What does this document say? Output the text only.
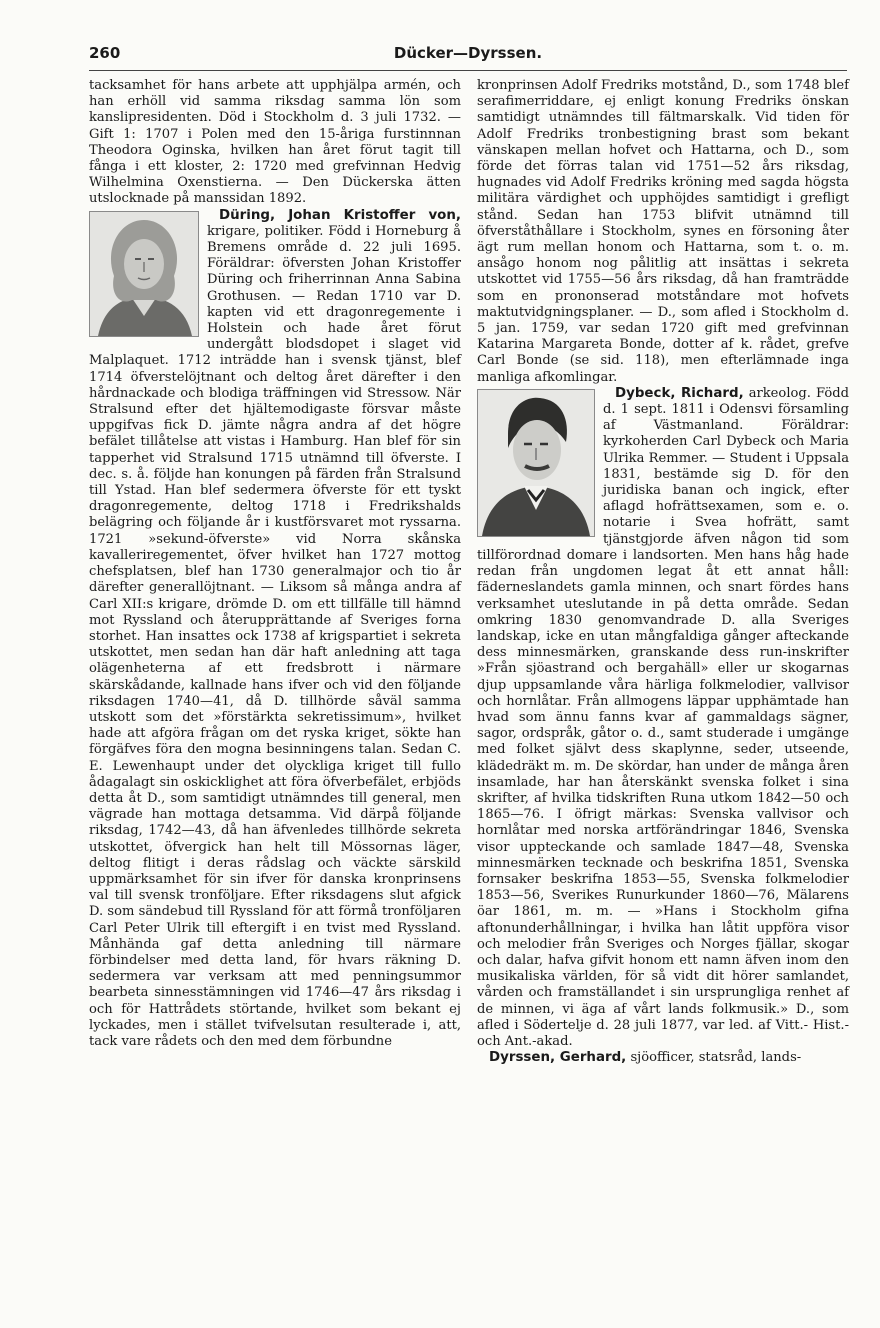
260	Dücker—Dyrssen.

tacksamhet för hans arbete att upphjälpa armén, och han erhöll vid samma riksdag samma lön som kanslipresidenten. Död i Stockholm d. 3 juli 1732. — Gift 1: 1707 i Polen med den 15-åriga furstinnnan Theodora Oginska, hvilken han året förut tagit till fånga i ett kloster, 2: 1720 med grefvinnan Hedvig Wilhelmina Oxenstierna. — Den Dückerska ätten utslocknade på manssidan 1892.

Düring, Johan Kristoffer von,
krigare, politiker. Född i Horneburg å Bremens område d. 22 juli 1695. Föräldrar: öfversten Johan Kristoffer Düring och friherrinnan Anna Sabina Grothusen. — Redan 1710 var D. kapten vid ett dragonregemente i Holstein och hade året förut undergått blodsdopet i slaget vid Malplaquet. 1712 inträdde han i svensk tjänst, blef 1714 öfverstelöjtnant och deltog året därefter i den hårdnackade och blodiga träffningen vid Stressow. När Stralsund efter det hjältemodigaste försvar måste uppgifvas fick D. jämte några andra af det högre befälet tillåtelse att vistas i Hamburg. Han blef för sin tapperhet vid Stralsund 1715 utnämnd till öfverste. I dec. s. å. följde han konungen på färden från Stralsund till Ystad. Han blef sedermera öfverste för ett tyskt dragonregemente, deltog 1718 i Fredrikshalds belägring och följande år i kustförsvaret mot ryssarna. 1721 »sekund-öfverste» vid Norra skånska kavalleriregementet, öfver hvilket han 1727 mottog chefsplatsen, blef han 1730 generalmajor och tio år därefter generallöjtnant. — Liksom så många andra af Carl XII:s krigare, drömde D. om ett tillfälle till hämnd mot Ryssland och återupprättande af Sveriges forna storhet. Han insattes ock 1738 af krigspartiet i sekreta utskottet, men sedan han där haft anledning att taga olägenheterna af ett fredsbrott i närmare skärskådande, kallnade hans ifver och vid den följande riksdagen 1740—41, då D. tillhörde såväl samma utskott som det »förstärkta sekretissimum», hvilket hade att afgöra frågan om det ryska kriget, sökte han förgäfves föra den mogna besinningens talan. Sedan C. E. Lewenhaupt under det olyckliga kriget till fullo ådagalagt sin oskicklighet att föra öfverbefälet, erbjöds detta åt D., som samtidigt utnämndes till general, men vägrade han mottaga detsamma. Vid därpå följande riksdag, 1742—43, då han äfvenledes tillhörde sekreta utskottet, öfvergick han helt till Mössornas läger, deltog flitigt i deras rådslag och väckte särskild uppmärksamhet för sin ifver för danska kronprinsens val till svensk tronföljare. Efter riksdagens slut afgick D. som sändebud till Ryssland för att förmå tronföljaren Carl Peter Ulrik till eftergift i en tvist med Ryssland. Månhända gaf detta anledning till närmare förbindelser med detta land, för hvars räkning D. sedermera var verksam att med penningsummor bearbeta sinnesstämningen vid 1746—47 års riksdag i och för Hattrådets störtande, hvilket som bekant ej lyckades, men i stället tvifvelsutan resulterade i, att, tack vare rådets och den med dem förbundne

kronprinsen Adolf Fredriks motstånd, D., som 1748 blef serafimerriddare, ej enligt konung Fredriks önskan samtidigt utnämndes till fältmarskalk. Vid tiden för Adolf Fredriks tronbestigning brast som bekant vänskapen mellan hofvet och Hattarna, och D., som förde det förras talan vid 1751—52 års riksdag, hugnades vid Adolf Fredriks kröning med sagda högsta militära värdighet och upphöjdes samtidigt i grefligt stånd. Sedan han 1753 blifvit utnämnd till öfverståthållare i Stockholm, synes en försoning åter ägt rum mellan honom och Hattarna, som t. o. m. ansågo honom nog pålitlig att insättas i sekreta utskottet vid 1755—56 års riksdag, då han framträdde som en prononserad motståndare mot hofvets maktutvidgningsplaner. — D., som afled i Stockholm d. 5 jan. 1759, var sedan 1720 gift med grefvinnan Katarina Margareta Bonde, dotter af k. rådet, grefve Carl Bonde (se sid. 118), men efterlämnade inga manliga afkomlingar.

Dybeck, Richard, arkeolog. Född d. 1 sept. 1811 i Odensvi församling af Västmanland. Föräldrar: kyrkoherden Carl Dybeck och Maria Ulrika Remmer. — Student i Uppsala 1831, bestämde sig D. för den juridiska banan och ingick, efter aflagd hofrättsexamen, som e. o. notarie i Svea hofrätt, samt tjänstgjorde äfven någon tid som tillförordnad domare i landsorten. Men hans håg hade redan från ungdomen legat åt ett annat håll: fäderneslandets gamla minnen, och snart fördes hans verksamhet uteslutande in på detta område. Sedan omkring 1830 genomvandrade D. alla Sveriges landskap, icke en utan mångfaldiga gånger afteckande dess minnesmärken, granskande dess run-inskrifter »Från sjöastrand och bergahäll» eller ur skogarnas djup uppsamlande våra härliga folkmelodier, vallvisor och hornlåtar. Från allmogens läppar upphämtade han hvad som ännu fanns kvar af gammaldags sägner, sagor, ordspråk, gåtor o. d., samt studerade i umgänge med folket självt dess skaplynne, seder, utseende, klädedräkt m. m. De skördar, han under de många åren insamlade, har han återskänkt svenska folket i sina skrifter, af hvilka tidskriften Runa utkom 1842—50 och 1865—76. I öfrigt märkas: Svenska vallvisor och hornlåtar med norska artförändringar 1846, Svenska visor uppteckande och samlade 1847—48, Svenska minnesmärken tecknade och beskrifna 1851, Svenska fornsaker beskrifna 1853—55, Svenska folkmelodier 1853—56, Sverikes Runurkunder 1860—76, Mälarens öar 1861, m. m. — »Hans i Stockholm gifna aftonunderhållningar, i hvilka han låtit uppföra visor och melodier från Sveriges och Norges fjällar, skogar och dalar, hafva gifvit honom ett namn äfven inom den musikaliska världen, för så vidt dit hörer samlandet, vården och framställandet i sin ursprungliga renhet af de minnen, vi äga af vårt lands folkmusik.» D., som afled i Södertelje d. 28 juli 1877, var led. af Vitt.- Hist.- och Ant.-akad.

Dyrssen, Gerhard, sjöofficer, statsråd, lands-
